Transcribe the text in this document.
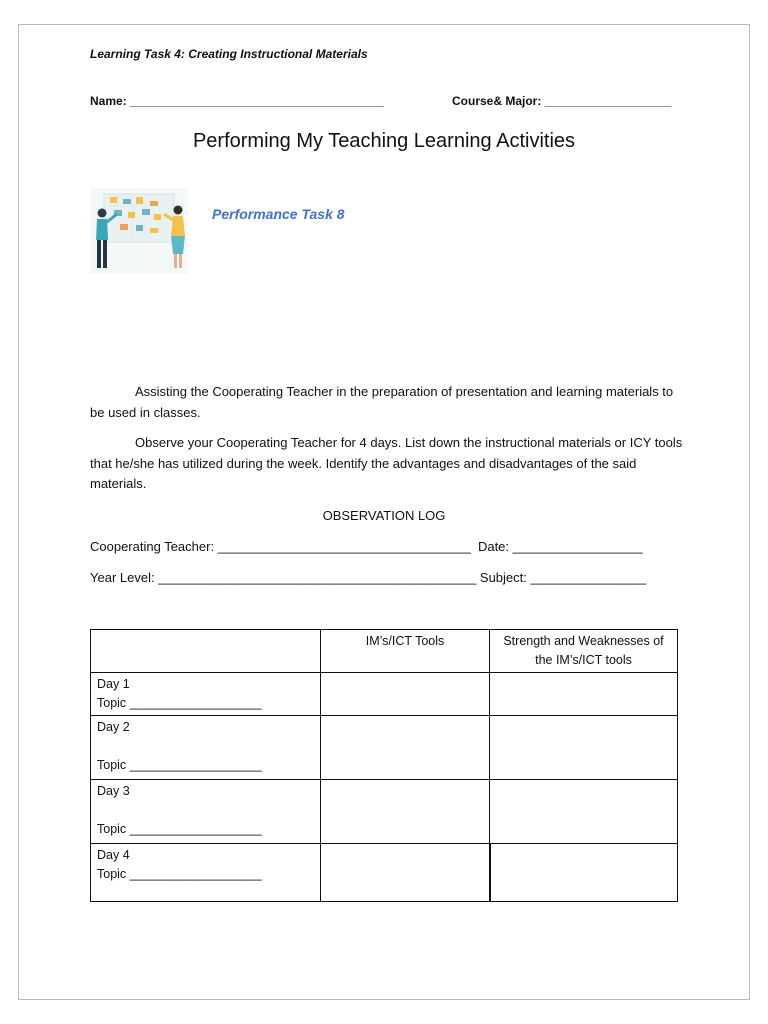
Learning Task 4: Creating Instructional Materials
Name: ______________________________________	Course& Major: ___________________
Performing My Teaching Learning Activities
Performance Task 8
Assisting the Cooperating Teacher in the preparation of presentation and learning materials to be used in classes.
Observe your Cooperating Teacher for 4 days. List down the instructional materials or ICY tools that he/she has utilized during the week. Identify the advantages and disadvantages of the said materials.
OBSERVATION LOG
Cooperating Teacher: ___________________________________  Date: __________________
Year Level: ____________________________________________ Subject: ________________
	IM’s/ICT Tools	Strength and Weaknesses of the IM’s/ICT tools

Day 1
Topic ___________________		

Day 2
Topic ___________________		

Day 3
Topic ___________________		

Day 4
Topic ___________________		
